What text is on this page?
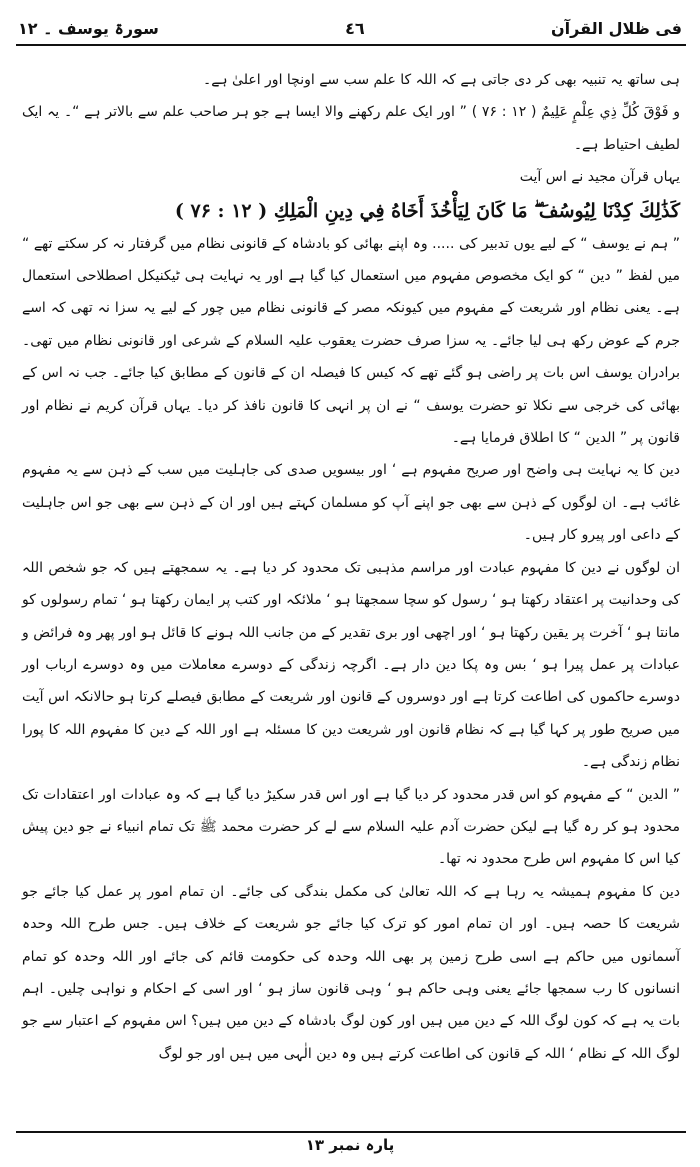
سورۃ یوسف ۔ ۱۲	٤٦	فی ظلال القرآن

ہی ساتھ یہ تنبیہ بھی کر دی جاتی ہے کہ اللہ کا علم سب سے اونچا اور اعلیٰ ہے۔

و فَوْقَ كُلِّ ذِي عِلْمٍ عَلِيمٌ ( ۱۲ : ۷۶ ) ” اور ایک علم رکھنے والا ایسا ہے جو ہر صاحب علم سے بالاتر ہے “۔ یہ ایک لطیف احتیاط ہے۔

یہاں قرآن مجید نے اس آیت

كَذَٰلِكَ كِدْنَا لِيُوسُفَ ۖ مَا كَانَ لِيَأْخُذَ أَخَاهُ فِي دِينِ الْمَلِكِ ( ۱۲ : ۷۶ )

” ہم نے یوسف “ کے لیے یوں تدبیر کی ..... وہ اپنے بھائی کو بادشاہ کے قانونی نظام میں گرفتار نہ کر سکتے تھے “ میں لفظ ” دین “ کو ایک مخصوص مفہوم میں استعمال کیا گیا ہے اور یہ نہایت ہی ٹیکنیکل اصطلاحی استعمال ہے۔ یعنی نظام اور شریعت کے مفہوم میں کیونکہ مصر کے قانونی نظام میں چور کے لیے یہ سزا نہ تھی کہ اسے جرم کے عوض رکھ ہی لیا جائے۔ یہ سزا صرف حضرت یعقوب علیہ السلام کے شرعی اور قانونی نظام میں تھی۔ برادران یوسف اس بات پر راضی ہو گئے تھے کہ کیس کا فیصلہ ان کے قانون کے مطابق کیا جائے۔ جب نہ اس کے بھائی کی خرجی سے نکلا تو حضرت یوسف “ نے ان پر انہی کا قانون نافذ کر دیا۔ یہاں قرآن کریم نے نظام اور قانون پر ” الدین “ کا اطلاق فرمایا ہے۔

دین کا یہ نہایت ہی واضح اور صریح مفہوم ہے ‘ اور بیسویں صدی کی جاہلیت میں سب کے ذہن سے یہ مفہوم غائب ہے۔ ان لوگوں کے ذہن سے بھی جو اپنے آپ کو مسلمان کہتے ہیں اور ان کے ذہن سے بھی جو اس جاہلیت کے داعی اور پیرو کار ہیں۔

ان لوگوں نے دین کا مفہوم عبادت اور مراسم مذہبی تک محدود کر دیا ہے۔ یہ سمجھتے ہیں کہ جو شخص اللہ کی وحدانیت پر اعتقاد رکھتا ہو ‘ رسول کو سچا سمجھتا ہو ‘ ملائکہ اور کتب پر ایمان رکھتا ہو ‘ تمام رسولوں کو مانتا ہو ‘ آخرت پر یقین رکھتا ہو ‘ اور اچھی اور بری تقدیر کے من جانب اللہ ہونے کا قائل ہو اور پھر وہ فرائض و عبادات پر عمل پیرا ہو ‘ بس وہ پکا دین دار ہے۔ اگرچہ زندگی کے دوسرے معاملات میں وہ دوسرے ارباب اور دوسرے حاکموں کی اطاعت کرتا ہے اور دوسروں کے قانون اور شریعت کے مطابق فیصلے کرتا ہو حالانکہ اس آیت میں صریح طور پر کہا گیا ہے کہ نظام قانون اور شریعت دین کا مسئلہ ہے اور اللہ کے دین کا مفہوم اللہ کا پورا نظام زندگی ہے۔

” الدین “ کے مفہوم کو اس قدر محدود کر دیا گیا ہے اور اس قدر سکیڑ دیا گیا ہے کہ وہ عبادات اور اعتقادات تک محدود ہو کر رہ گیا ہے لیکن حضرت آدم علیہ السلام سے لے کر حضرت محمد ﷺ تک تمام انبیاء نے جو دین پیش کیا اس کا مفہوم اس طرح محدود نہ تھا۔

دین کا مفہوم ہمیشہ یہ رہا ہے کہ اللہ تعالیٰ کی مکمل بندگی کی جائے۔ ان تمام امور پر عمل کیا جائے جو شریعت کا حصہ ہیں۔ اور ان تمام امور کو ترک کیا جائے جو شریعت کے خلاف ہیں۔ جس طرح اللہ وحدہ آسمانوں میں حاکم ہے اسی طرح زمین پر بھی اللہ وحدہ کی حکومت قائم کی جائے اور اللہ وحدہ کو تمام انسانوں کا رب سمجھا جائے یعنی وہی حاکم ہو ‘ وہی قانون ساز ہو ‘ اور اسی کے احکام و نواہی چلیں۔ اہم بات یہ ہے کہ کون لوگ اللہ کے دین میں ہیں اور کون لوگ بادشاہ کے دین میں ہیں؟ اس مفہوم کے اعتبار سے جو لوگ اللہ کے نظام ‘ اللہ کے قانون کی اطاعت کرتے ہیں وہ دین الٰہی میں ہیں اور جو لوگ

پارہ نمبر ۱۳
